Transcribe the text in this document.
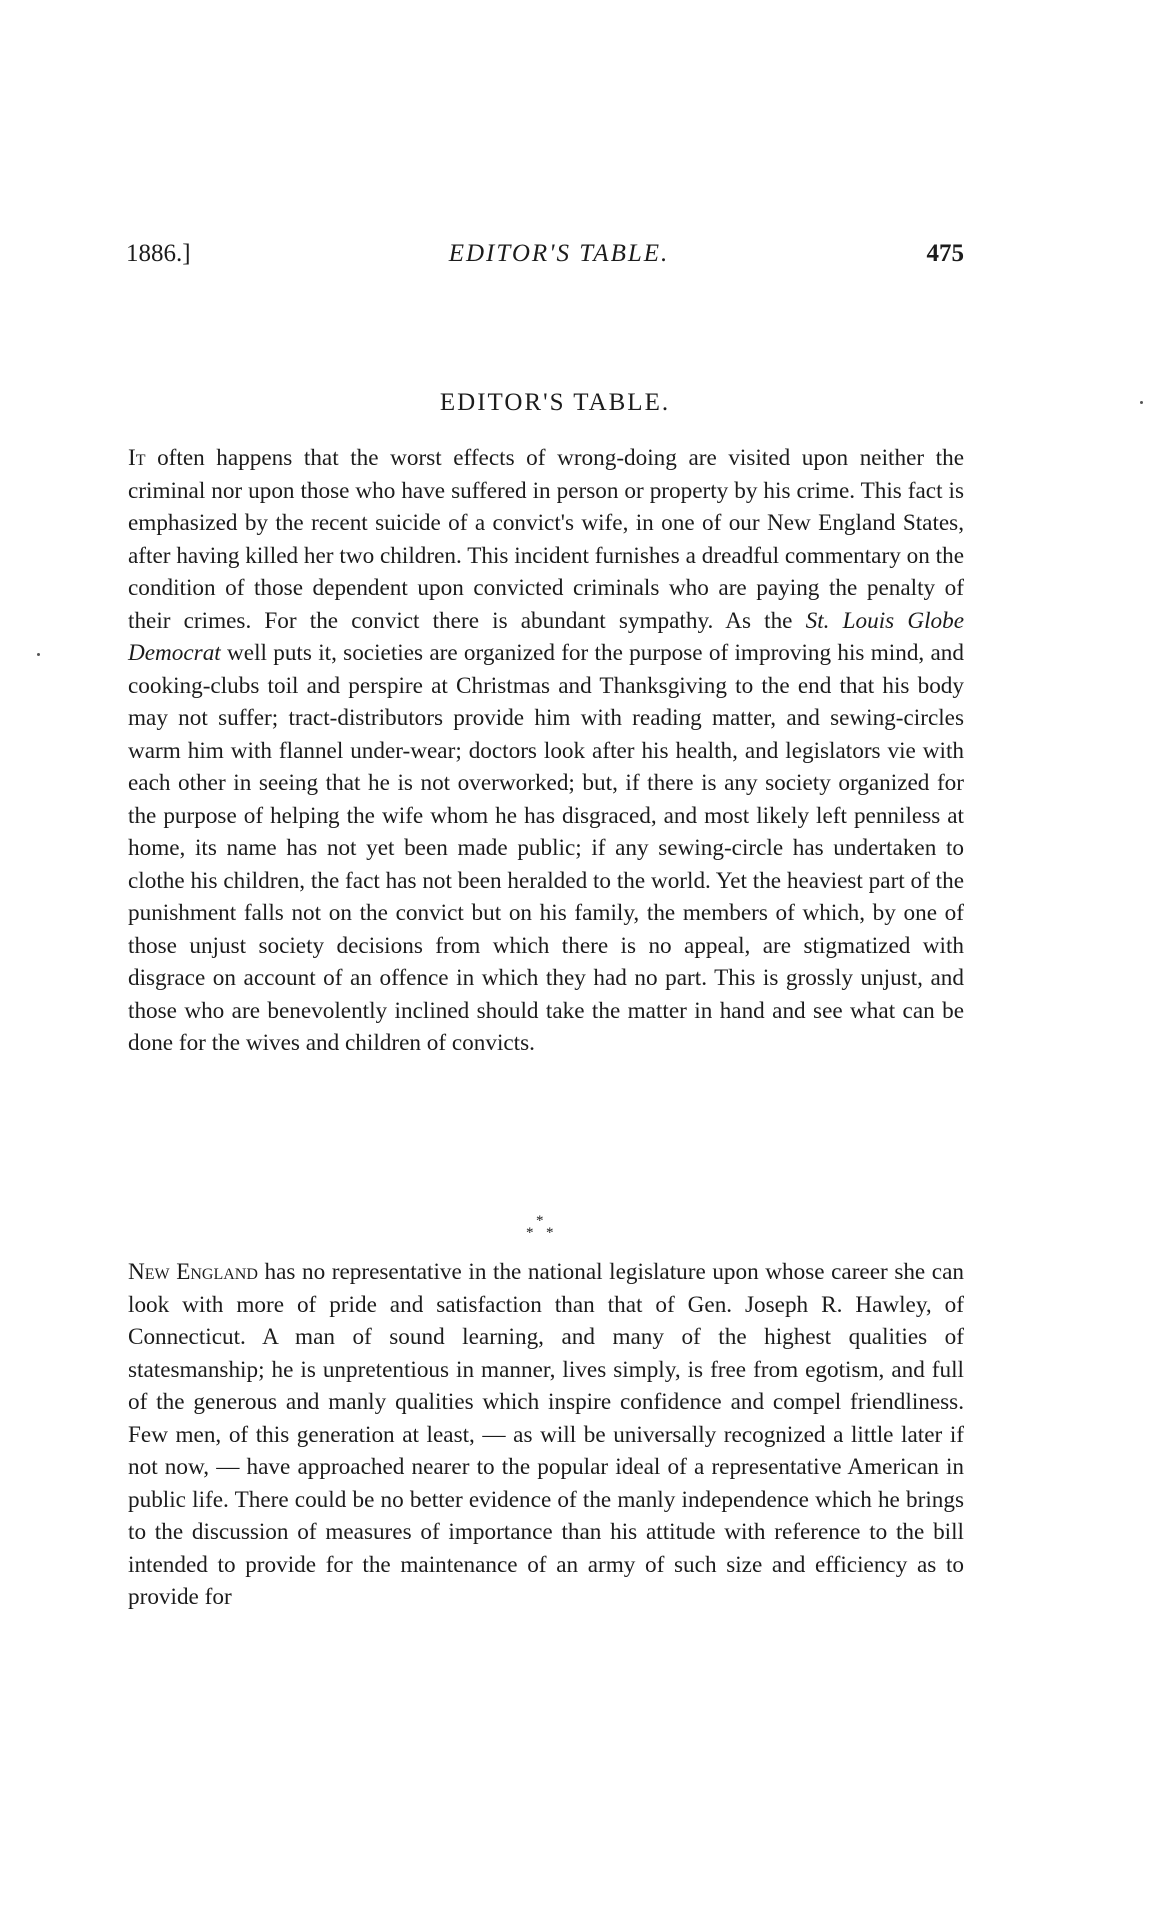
1886.]	EDITOR'S TABLE.	475
EDITOR'S TABLE.

It often happens that the worst effects of wrong-doing are visited upon neither the criminal nor upon those who have suffered in person or property by his crime. This fact is emphasized by the recent suicide of a convict's wife, in one of our New England States, after having killed her two children. This incident furnishes a dreadful commentary on the condition of those dependent upon convicted criminals who are paying the penalty of their crimes. For the convict there is abundant sympathy. As the St. Louis Globe Democrat well puts it, societies are organized for the purpose of improving his mind, and cooking-clubs toil and perspire at Christmas and Thanksgiving to the end that his body may not suffer; tract-distributors provide him with reading matter, and sewing-circles warm him with flannel under-wear; doctors look after his health, and legislators vie with each other in seeing that he is not overworked; but, if there is any society organized for the purpose of helping the wife whom he has disgraced, and most likely left penniless at home, its name has not yet been made public; if any sewing-circle has undertaken to clothe his children, the fact has not been heralded to the world. Yet the heaviest part of the punishment falls not on the convict but on his family, the members of which, by one of those unjust society decisions from which there is no appeal, are stigmatized with disgrace on account of an offence in which they had no part. This is grossly unjust, and those who are benevolently inclined should take the matter in hand and see what can be done for the wives and children of convicts.

*
* *

New England has no representative in the national legislature upon whose career she can look with more of pride and satisfaction than that of Gen. Joseph R. Hawley, of Connecticut. A man of sound learning, and many of the highest qualities of statesmanship; he is unpretentious in manner, lives simply, is free from egotism, and full of the generous and manly qualities which inspire confidence and compel friendliness. Few men, of this generation at least, — as will be universally recognized a little later if not now, — have approached nearer to the popular ideal of a representative American in public life. There could be no better evidence of the manly independence which he brings to the discussion of measures of importance than his attitude with reference to the bill intended to provide for the maintenance of an army of such size and efficiency as to provide for
